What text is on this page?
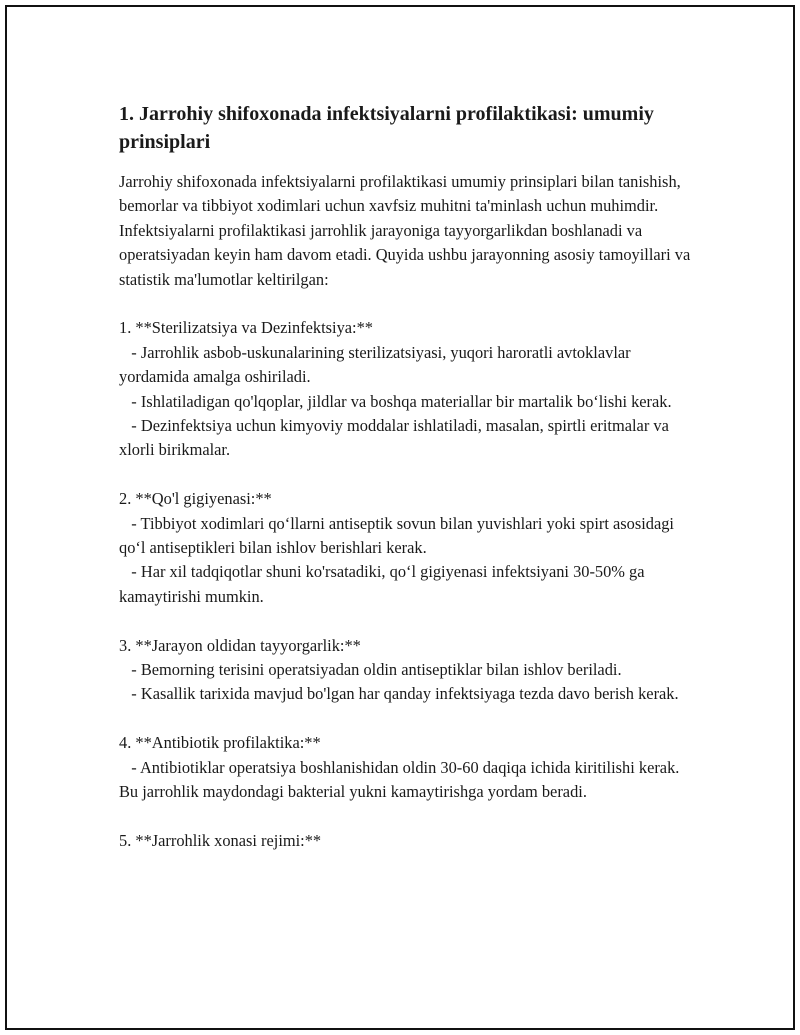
1. Jarrohiy shifoxonada infektsiyalarni profilaktikasi: umumiy prinsiplari

Jarrohiy shifoxonada infektsiyalarni profilaktikasi umumiy prinsiplari bilan tanishish, bemorlar va tibbiyot xodimlari uchun xavfsiz muhitni ta'minlash uchun muhimdir. Infektsiyalarni profilaktikasi jarrohlik jarayoniga tayyorgarlikdan boshlanadi va operatsiyadan keyin ham davom etadi. Quyida ushbu jarayonning asosiy tamoyillari va statistik ma'lumotlar keltirilgan:

1. **Sterilizatsiya va Dezinfektsiya:**

- Jarrohlik asbob-uskunalarining sterilizatsiyasi, yuqori haroratli avtoklavlar yordamida amalga oshiriladi.

- Ishlatiladigan qo'lqoplar, jildlar va boshqa materiallar bir martalik bo‘lishi kerak.

- Dezinfektsiya uchun kimyoviy moddalar ishlatiladi, masalan, spirtli eritmalar va xlorli birikmalar.

2. **Qo'l gigiyenasi:**

- Tibbiyot xodimlari qo‘llarni antiseptik sovun bilan yuvishlari yoki spirt asosidagi qo‘l antiseptikleri bilan ishlov berishlari kerak.

- Har xil tadqiqotlar shuni ko'rsatadiki, qo‘l gigiyenasi infektsiyani 30-50% ga kamaytirishi mumkin.

3. **Jarayon oldidan tayyorgarlik:**

- Bemorning terisini operatsiyadan oldin antiseptiklar bilan ishlov beriladi.

- Kasallik tarixida mavjud bo'lgan har qanday infektsiyaga tezda davo berish kerak.

4. **Antibiotik profilaktika:**

- Antibiotiklar operatsiya boshlanishidan oldin 30-60 daqiqa ichida kiritilishi kerak. Bu jarrohlik maydondagi bakterial yukni kamaytirishga yordam beradi.

5. **Jarrohlik xonasi rejimi:**
